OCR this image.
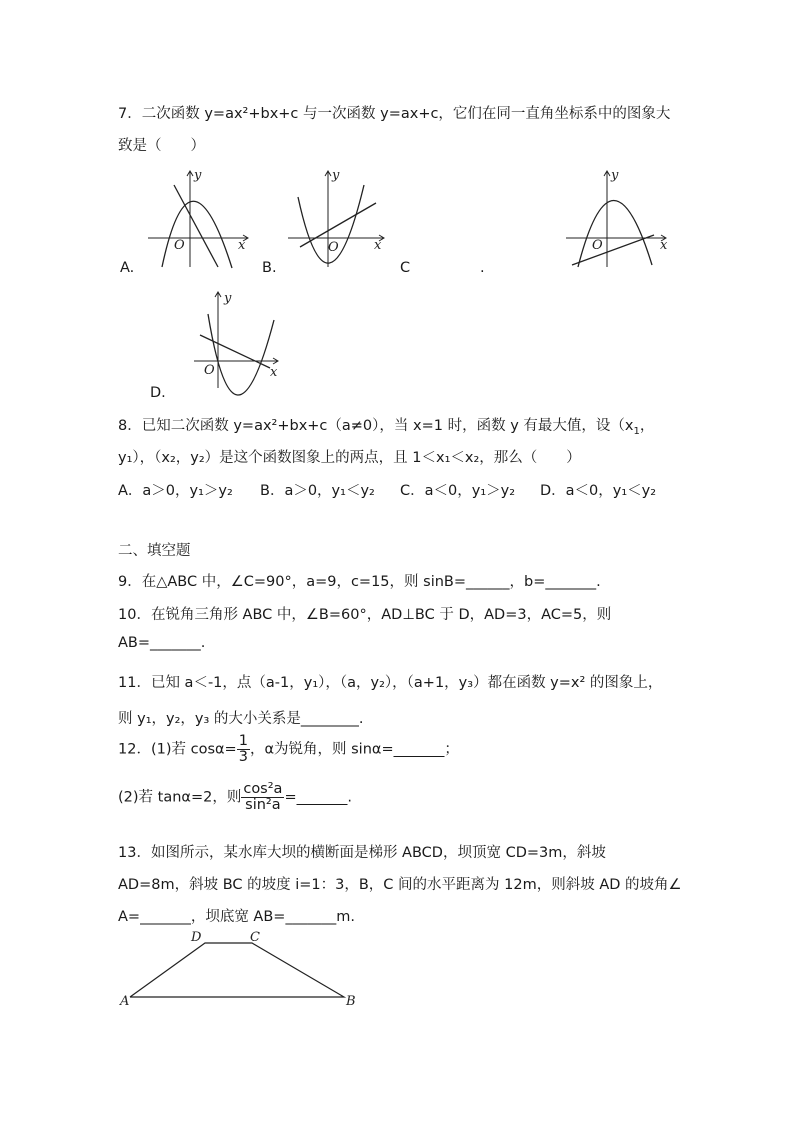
7．二次函数 y=ax²+bx+c 与一次函数 y=ax+c，它们在同一直角坐标系中的图象大
致是（　　）
y
x
O
A.
y
x
O
B.	C	.
y
x
O
y
x
O
D.
8．已知二次函数 y=ax²+bx+c（a≠0），当 x=1 时，函数 y 有最大值，设（$x_1$，
y₁），（x₂，y₂）是这个函数图象上的两点，且 1＜x₁＜x₂，那么（　　）
A．a＞0，y₁＞y₂ B．a＞0，y₁＜y₂ C．a＜0，y₁＞y₂ D．a＜0，y₁＜y₂
二、填空题
9．在△ABC 中，∠C=90°，a=9，c=15，则 sinB=______，b=_______.
10．在锐角三角形 ABC 中，∠B=60°，AD⊥BC 于 D，AD=3，AC=5，则
AB=_______.
11．已知 a＜-1，点（a-1，y₁），（a，y₂），（a+1，y₃）都在函数 y=x² 的图象上，
则 y₁，y₂，y₃ 的大小关系是________.
12．(1)若 $\cos\alpha= \frac{1}{3}$ ，α为锐角，则 sinα=_______；
(2)若 tanα=2，则 $\frac{\text{cos²a}}{\text{sin²a}}$ =_______.
13．如图所示，某水库大坝的横断面是梯形 ABCD，坝顶宽 CD=3m，斜坡
AD=8m，斜坡 BC 的坡度 i=1：3，B，C 间的水平距离为 12m，则斜坡 AD 的坡角∠
A=_______，坝底宽 AB=_______m.
A	B
C
D
